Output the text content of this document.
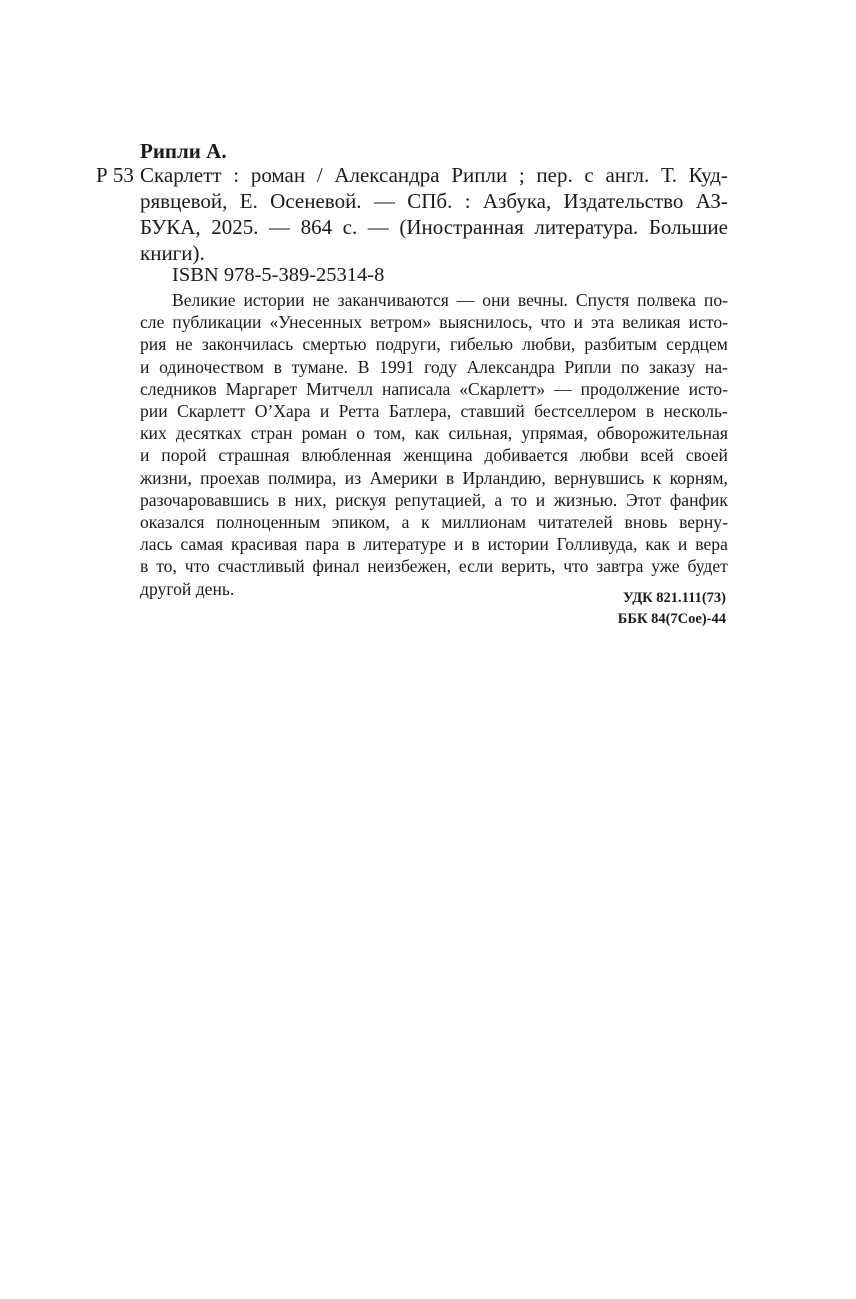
Рипли А.
Р 53 Скарлетт : роман / Александра Рипли ; пер. с англ. Т. Куд-
рявцевой, Е. Осеневой. — СПб. : Азбука, Издательство АЗ-
БУКА, 2025. — 864 с. — (Иностранная литература. Большие
книги).
ISBN 978-5-389-25314-8
Великие истории не заканчиваются — они вечны. Спустя полвека по-
сле публикации «Унесенных ветром» выяснилось, что и эта великая исто-
рия не закончилась смертью подруги, гибелью любви, разбитым сердцем
и одиночеством в тумане. В 1991 году Александра Рипли по заказу на-
следников Маргарет Митчелл написала «Скарлетт» — продолжение исто-
рии Скарлетт О’Хара и Ретта Батлера, ставший бестселлером в несколь-
ких десятках стран роман о том, как сильная, упрямая, обворожительная
и порой страшная влюбленная женщина добивается любви всей своей
жизни, проехав полмира, из Америки в Ирландию, вернувшись к корням,
разочаровавшись в них, рискуя репутацией, а то и жизнью. Этот фанфик
оказался полноценным эпиком, а к миллионам читателей вновь верну-
лась самая красивая пара в литературе и в истории Голливуда, как и вера
в то, что счастливый финал неизбежен, если верить, что завтра уже будет
другой день.	УДК 821.111(73)
ББК 84(7Сое)-44
